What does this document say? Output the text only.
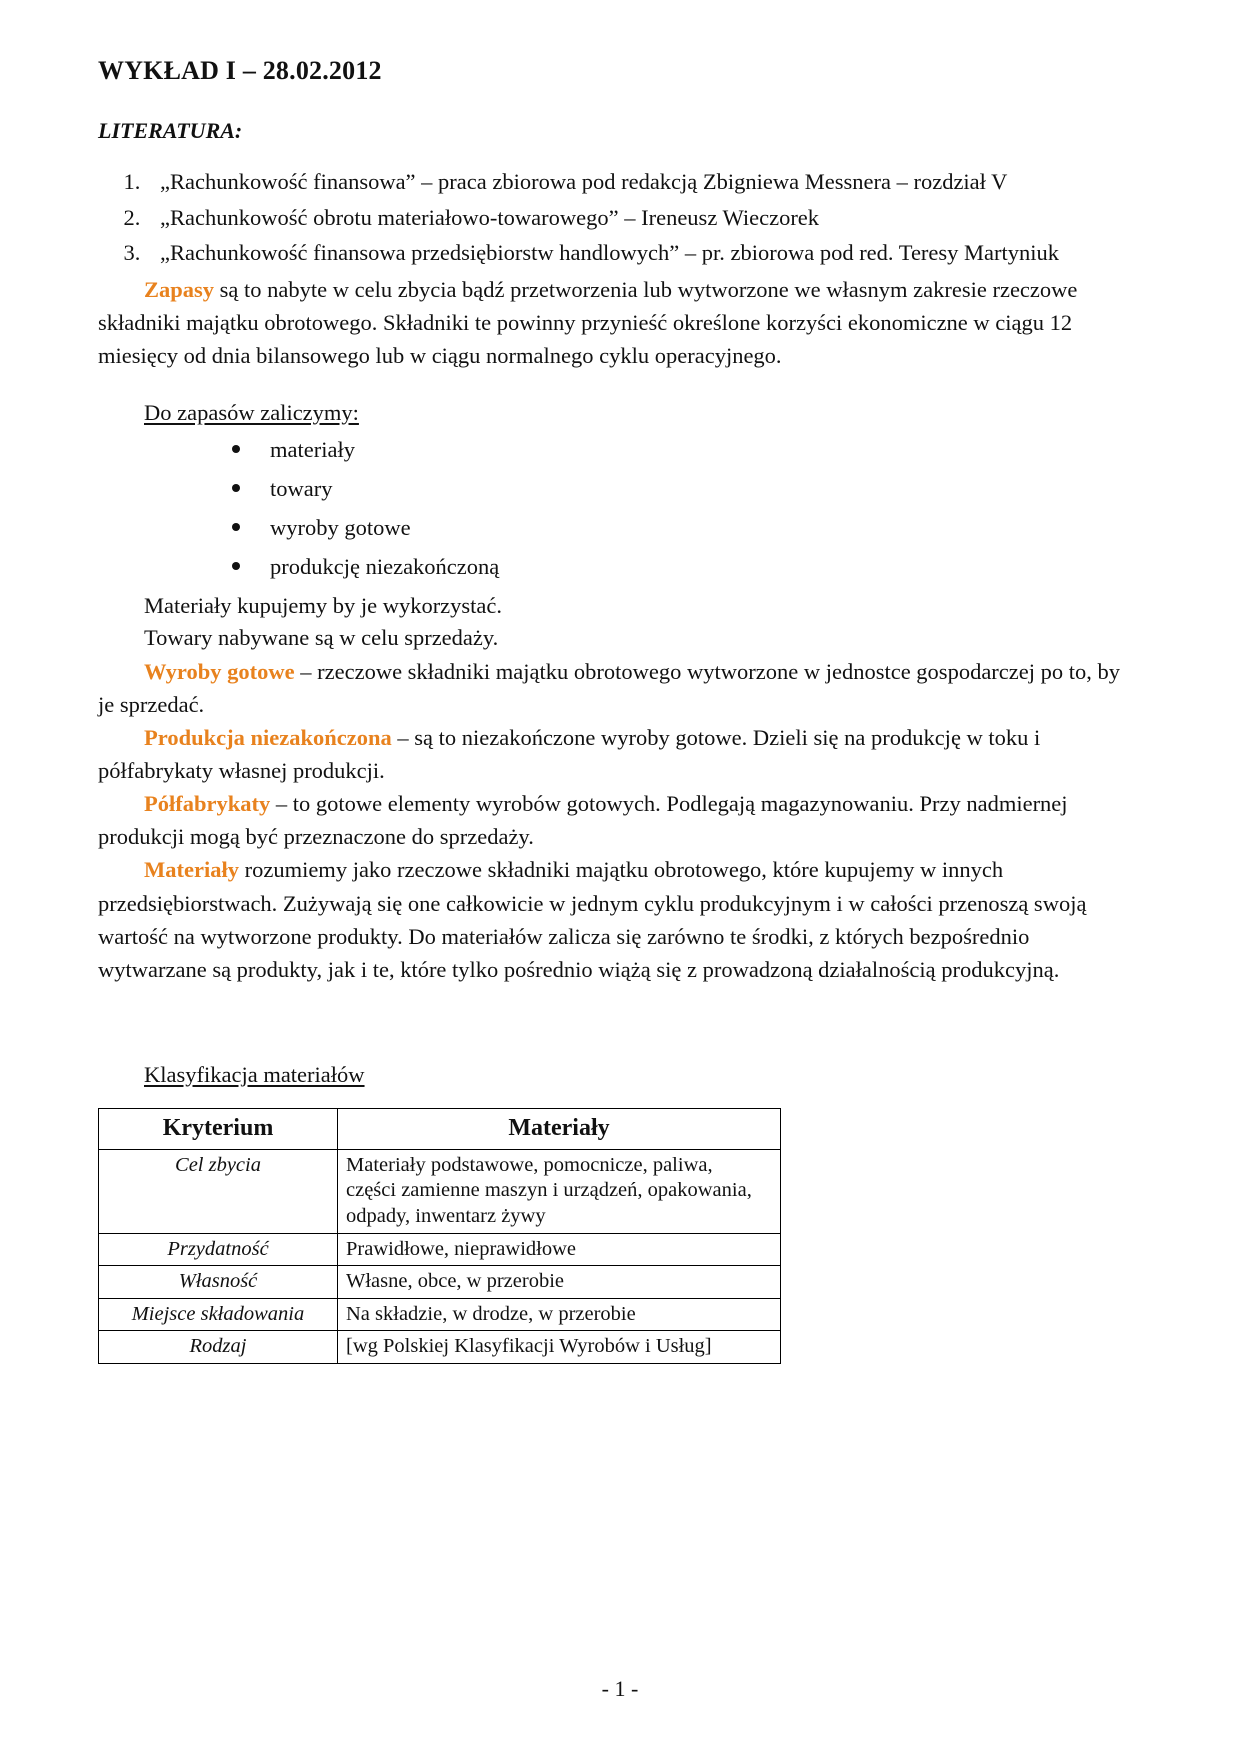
WYKŁAD I – 28.02.2012
LITERATURA:
1. „Rachunkowość finansowa” – praca zbiorowa pod redakcją Zbigniewa Messnera – rozdział V
2. „Rachunkowość obrotu materiałowo-towarowego” – Ireneusz Wieczorek
3. „Rachunkowość finansowa przedsiębiorstw handlowych” – pr. zbiorowa pod red. Teresy Martyniuk

Zapasy są to nabyte w celu zbycia bądź przetworzenia lub wytworzone we własnym zakresie rzeczowe składniki majątku obrotowego. Składniki te powinny przynieść określone korzyści ekonomiczne w ciągu 12 miesięcy od dnia bilansowego lub w ciągu normalnego cyklu operacyjnego.

Do zapasów zaliczymy:
materiały
towary
wyroby gotowe
produkcję niezakończoną

Materiały kupujemy by je wykorzystać.

Towary nabywane są w celu sprzedaży.

Wyroby gotowe – rzeczowe składniki majątku obrotowego wytworzone w jednostce gospodarczej po to, by je sprzedać.

Produkcja niezakończona – są to niezakończone wyroby gotowe. Dzieli się na produkcję w toku i półfabrykaty własnej produkcji.

Półfabrykaty – to gotowe elementy wyrobów gotowych. Podlegają magazynowaniu. Przy nadmiernej produkcji mogą być przeznaczone do sprzedaży.

Materiały rozumiemy jako rzeczowe składniki majątku obrotowego, które kupujemy w innych przedsiębiorstwach. Zużywają się one całkowicie w jednym cyklu produkcyjnym i w całości przenoszą swoją wartość na wytworzone produkty. Do materiałów zalicza się zarówno te środki, z których bezpośrednio wytwarzane są produkty, jak i te, które tylko pośrednio wiążą się z prowadzoną działalnością produkcyjną.

Klasyfikacja materiałów
Kryterium	Materiały
Cel zbycia	Materiały podstawowe, pomocnicze, paliwa,
części zamienne maszyn i urządzeń, opakowania,
odpady, inwentarz żywy

Przydatność	Prawidłowe, nieprawidłowe

Własność	Własne, obce, w przerobie

Miejsce składowania	Na składzie, w drodze, w przerobie

Rodzaj	[wg Polskiej Klasyfikacji Wyrobów i Usług]
- 1 -
